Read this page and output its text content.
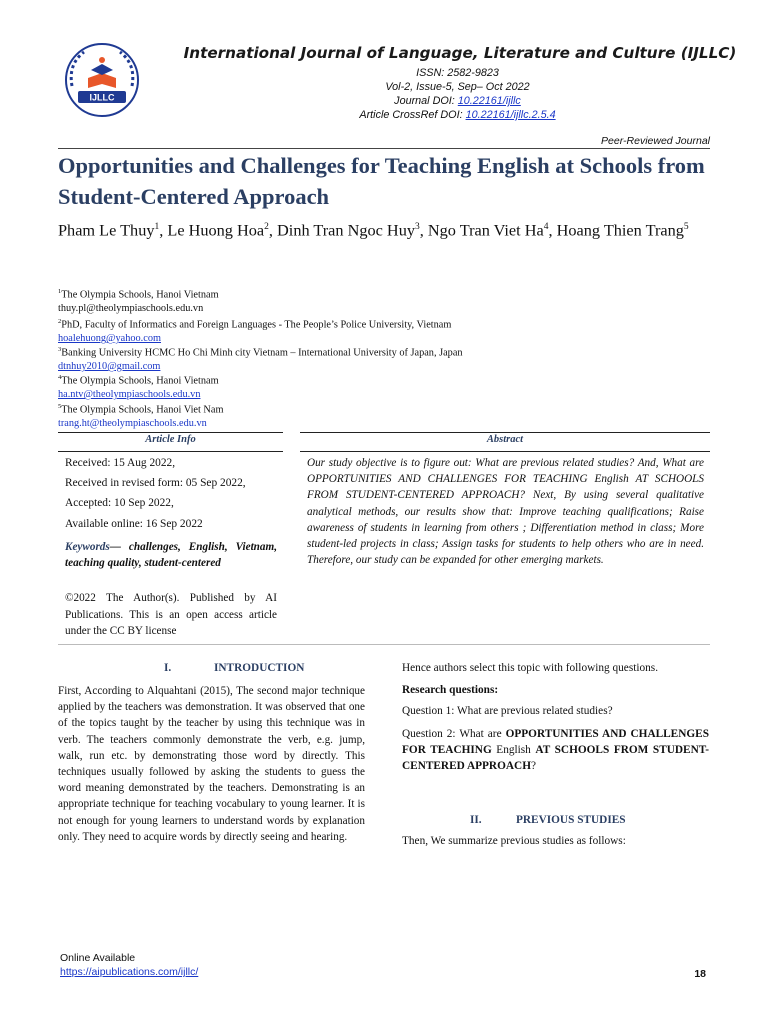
IJLLC
International Journal of Language, Literature and Culture (IJLLC)
ISSN: 2582-9823
Vol-2, Issue-5, Sep– Oct 2022
Journal DOI: 10.22161/ijllc
Article CrossRef DOI: 10.22161/ijllc.2.5.4
Peer-Reviewed Journal
Opportunities and Challenges for Teaching English at Schools from Student-Centered Approach
Pham Le Thuy$^1$, Le Huong Hoa$^2$, Dinh Tran Ngoc Huy$^3$, Ngo Tran Viet Ha$^4$, Hoang Thien Trang$^5$
$^1$The Olympia Schools, Hanoi Vietnam
thuy.pl@theolympiaschools.edu.vn
$^2$PhD, Faculty of Informatics and Foreign Languages - The People’s Police University, Vietnam
hoalehuong@yahoo.com
$^3$Banking University HCMC Ho Chi Minh city Vietnam – International University of Japan, Japan
dtnhuy2010@gmail.com
$^4$The Olympia Schools, Hanoi Vietnam
ha.ntv@theolympiaschools.edu.vn
$^5$The Olympia Schools, Hanoi Viet Nam
trang.ht@theolympiaschools.edu.vn
Article Info	Abstract
Received: 15 Aug 2022,
Received in revised form: 05 Sep 2022,
Accepted: 10 Sep 2022,
Available online: 16 Sep 2022
Keywords— challenges, English, Vietnam, teaching quality, student-centered
©2022 The Author(s). Published by AI Publications. This is an open access article under the CC BY license
Our study objective is to figure out: What are previous related studies? And, What are OPPORTUNITIES AND CHALLENGES FOR TEACHING English AT SCHOOLS FROM STUDENT-CENTERED APPROACH? Next, By using several qualitative analytical methods, our results show that: Improve teaching qualifications; Raise awareness of students in learning from others ; Differentiation method in class; More student-led projects in class; Assign tasks for students to help others who are in need. Therefore, our study can be expanded for other emerging markets.
I.	INTRODUCTION
First, According to Alquahtani (2015), The second major technique applied by the teachers was demonstration. It was observed that one of the topics taught by the teacher by using this technique was in verb. The teachers commonly demonstrate the verb, e.g. jump, walk, run etc. by demonstrating those word by directly. This techniques usually followed by asking the students to guess the word meaning demonstrated by the teachers. Demonstrating is an appropriate technique for teaching vocabulary to young learner. It is not enough for young learners to understand words by explanation only. They need to acquire words by directly seeing and hearing.
Hence authors select this topic with following questions.
Research questions:
Question 1: What are previous related studies?
Question 2: What are OPPORTUNITIES AND CHALLENGES FOR TEACHING English AT SCHOOLS FROM STUDENT-CENTERED APPROACH?
II.	PREVIOUS STUDIES
Then, We summarize previous studies as follows:
Online Available
https://aipublications.com/ijllc/	18
